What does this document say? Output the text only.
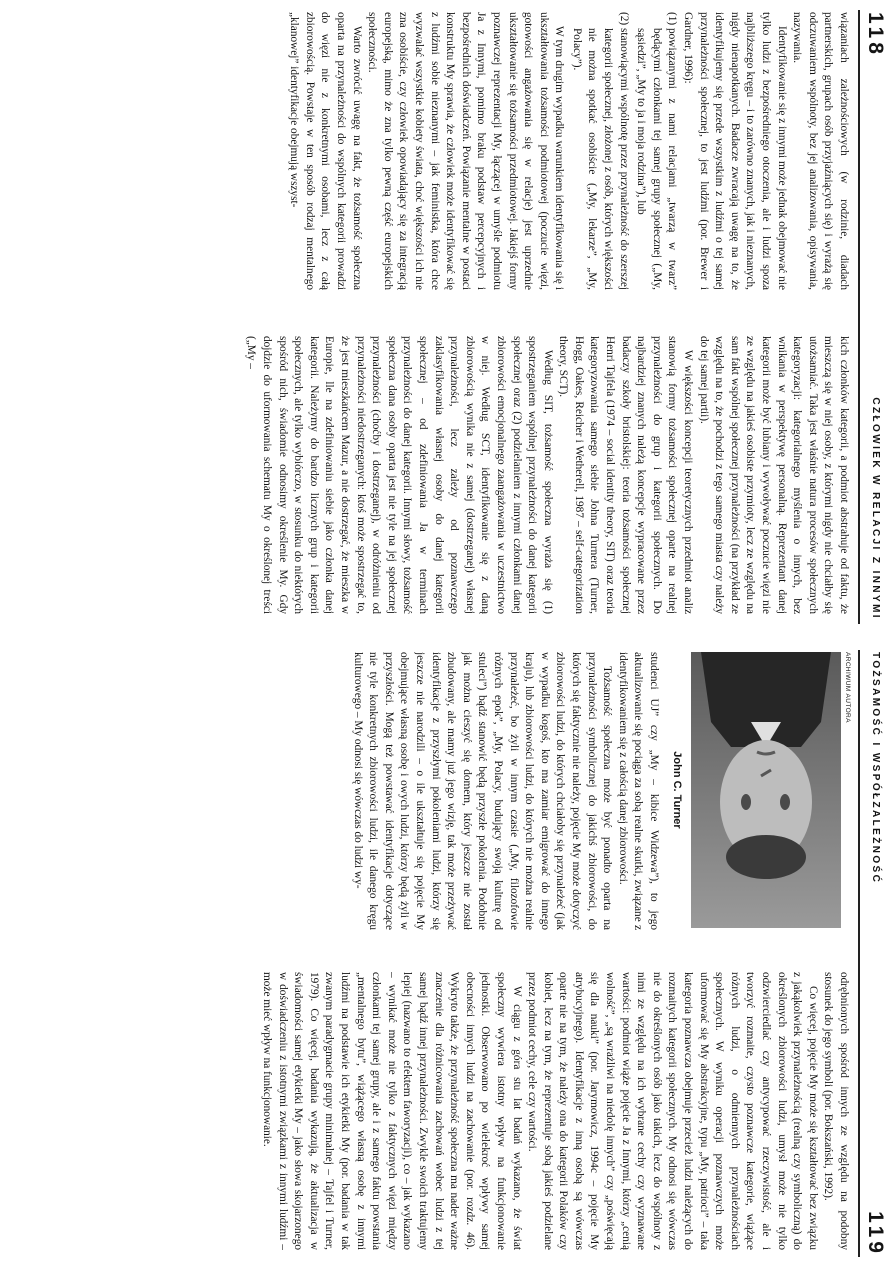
118
CZŁOWIEK W RELACJI Z INNYMI

wiązaniach zależnościowych (w rodzinie, diadach partnerskich, grupach osób przyjaźniących się) i wyrażą się odczuwaniem wspólnoty, bez jej analizowania, opisywania, nazywania.

Identyfikowanie się z innymi może jednak obejmować nie tylko ludzi z bezpośredniego otoczenia, ale i ludzi spoza najbliższego kręgu – i to zarówno znanych, jak i nieznanych, nigdy nienapotkanych. Badacze zwracają uwagę na to, że identyfikujemy się przede wszystkim z ludźmi o tej samej przynależności społecznej, to jest ludźmi (por. Brewer i Gardner, 1996):

(1)
powiązanymi z nami relacjami „twarzą w twarz” będącymi członkami tej samej grupy społecznej („My, sąsiedzi”, „My to ja i moja rodzina”), lub

(2)
stanowiącymi wspólnotę przez przynależność do szerszej kategorii społecznej, złożonej z osób, których większości nie można spotkać osobiście („My, lekarze”, „My, Polacy”).

W tym drugim wypadku warunkiem identyfikowania się i ukształtowania tożsamości podmiotowej (poczucie więzi, gotowości angażowania się w relacje) jest uprzednie ukształtowanie się tożsamości przedmiotowej. Jakiejś formy poznawczej reprezentacji My, łączącej w umyśle podmiotu Ja z Innymi, pomimo braku podstaw percepcyjnych i bezpośrednich doświadczeń. Powiązanie mentalne w postaci konstruktu My sprawia, że człowiek może identyfikować się z ludźmi sobie nieznanymi – jak feministka, która chce wyzwalać wszystkie kobiety świata, choć większości ich nie zna osobiście, czy człowiek opowiadający się za integracją europejską, mimo że zna tylko pewną część europejskich społeczności.

Warto zwrócić uwagę na fakt, że tożsamość społeczna oparta na przynależności do wspólnych kategorii prowadzi do więzi nie z konkretnymi osobami, lecz z całą zbiorowością. Powstaje w ten sposób rodzaj mentalnego „klanowej” identyfikacje obejmują wszyst-

kich członków kategorii, a podmiot abstrahuje od faktu, że mieszczą się w niej osoby, z którymi nigdy nie chciałby się utożsamiać. Taka jest właśnie natura procesów społecznych kategoryzacji: kategorialnego myślenia o innych, bez wnikania w perspektywę personalną. Reprezentant danej kategorii może być lubiany i wywoływać poczucie więzi nie ze względu na jakieś osobiste przymioty, lecz ze względu na sam fakt wspólnej społecznej przynależności (na przykład ze względu na to, że pochodzi z tego samego miasta czy należy do tej samej partii).

W większości koncepcji teoretycznych przedmiot analiz stanowią formy tożsamości społecznej oparte na realnej przynależności do grup i kategorii społecznych. Do najbardziej znanych należą koncepcje wypracowane przez badaczy szkoły bristolskiej: teoria tożsamości społecznej Henri Tajfela (1974 – social identity theory, SIT) oraz teoria kategoryzowania samego siebie Johna Turnera (Turner, Hogg, Oakes, Reicher i Wetherell, 1987 – self-categorization theory, SCT).

Według SIT, tożsamość społeczna wyraża się (1) spostrzeganiem wspólnej przynależności do danej kategorii społecznej oraz (2) podzielaniem z innymi członkami danej zbiorowości emocjonalnego zaangażowania w uczestnictwo w niej. Według SCT, identyfikowanie się z daną zbiorowością wynika nie z samej (dostrzeganej) własnej przynależności, lecz zależy od poznawczego zaklasyfikowania własnej osoby do danej kategorii społecznej – od zdefiniowania Ja w terminach przynależności do danej kategorii. Innymi słowy, tożsamość społeczna dana osoby oparta jest nie tyle na jej społecznej przynależności (choćby i dostrzeganej), w odróżnieniu od przynależności niedostrzeganych: ktoś może spostrzegać to, że jest mieszkańcem Mazur, a nie dostrzegać, że mieszka w Europie, lle na zdefiniowaniu siebie jako członka danej kategorii. Należymy do bardzo licznych grup i kategorii społecznych, ale tylko wybiórczo, w stosunku do niektórych spośród nich, świadomie odnosimy określenie My. Gdy dojdzie do uformowania schematu My o określonej treści („My –

TOŻSAMOŚĆ I WSPÓŁZALEŻNOŚĆ
119
ARCHIWUM AUTORA
John C. Turner

studenci UJ” czy „My – kibice Widzewa”), to jego aktualizowanie się pociąga za sobą realne skutki, związane z identyfikowaniem się z całością danej zbiorowości.

Tożsamość społeczna może być ponadto oparta na przynależności symbolicznej do jakichś zbiorowości, do których się faktycznie nie należy, pojęcie My może dotyczyć zbiorowości ludzi, do których chciałoby się przynależeć (jak w wypadku kogoś, kto ma zamiar emigrować do innego kraju), lub zbiorowości ludzi, do których nie można realnie przynależeć, bo żyli w innym czasie („My, filozofowie różnych epok”, „My, Polacy, budujący swoją kulturę od stuleci”) bądź stanowić będą przyszłe pokolenia. Podobnie jak można cieszyć się domem, który jeszcze nie został zbudowany, ale mamy już jego wizję, tak może przeżywać identyfikacje z przyszłymi pokoleniami ludzi, którzy się jeszcze nie narodzili – o ile ukształtuje się pojęcie My obejmujące własną osobę i owych ludzi, którzy będą żyli w przyszłości. Mogą też powstawać identyfikacje dotyczące nie tyle konkretnych zbiorowości ludzi, ile danego kręgu kulturowego – My odnosi się wówczas do ludzi wy-

odrębnionych spośród innych ze względu na podobny stosunek do jego symboli (por. Bokszański, 1992).

Co więcej, pojęcie My może się kształtować bez związku z jakąkolwiek przynależnością (realną czy symboliczną) do określonych zbiorowości ludzi, umysł może nie tylko odzwierciedlać czy antycypować rzeczywistość, ale i tworzyć rozmaite, czysto poznawcze kategorie, wiążące różnych ludzi, o odmiennych przynależnościach społecznych. W wyniku operacji poznawczych może uformować się My abstrakcyjne, typu „My, patrioci” – taka kategoria poznawcza obejmuje przecież ludzi należących do rozmaitych kategorii społecznych. My odnosi się wówczas nie do określonych osób jako takich, lecz do wspólnoty z nimi ze względu na ich wybrane cechy czy wyznawane wartości: podmiot wiąże pojęcie Ja z Innymi, którzy „cenią wolność”, „są wrażliwi na niedolę innych” czy „poświęcają się dla nauki” (por. Jarymowicz, 1994c – pojęcie My atrybucyjnego). Identyfikacje z inną osobą są wówczas oparte nie na tym, że należy ona do kategorii Polaków czy kobiet, lecz na tym, że reprezentuje sobą jakieś podzielane przez podmiot cechy, cele czy wartości.

W ciągu z góra stu lat badań wykazano, że świat społeczny wywiera istotny wpływ na funkcjonowanie jednostki. Obserwowano po wielekroć wpływy samej obecności innych ludzi na zachowanie (por. rozdz. 46). Wykryto także, że przynależność społeczna ma nader ważne znaczenie dla różnicowania zachowań wobec ludzi z tej samej bądź innej przynależności. Zwykle swoich traktujemy lepiej (nazwano to efektem faworyzacji), co – jak wykazano – wynikać może nie tylko z faktycznych więzi między członkami tej samej grupy, ale i z samego faktu powstania „mentalnego bytu”, wiążącego własną osobę z innymi ludźmi na podstawie ich etykietki My (por. badania w tak zwanym paradygmacie grupy minimalnej – Tajfel i Turner, 1979). Co więcej, badania wykazują, że aktualizacja w świadomości samej etykietki My – jako słowa skojarzonego w doświadczeniu z istotnymi związkami z innymi ludźmi – może mieć wpływ na funkcjonowanie.
